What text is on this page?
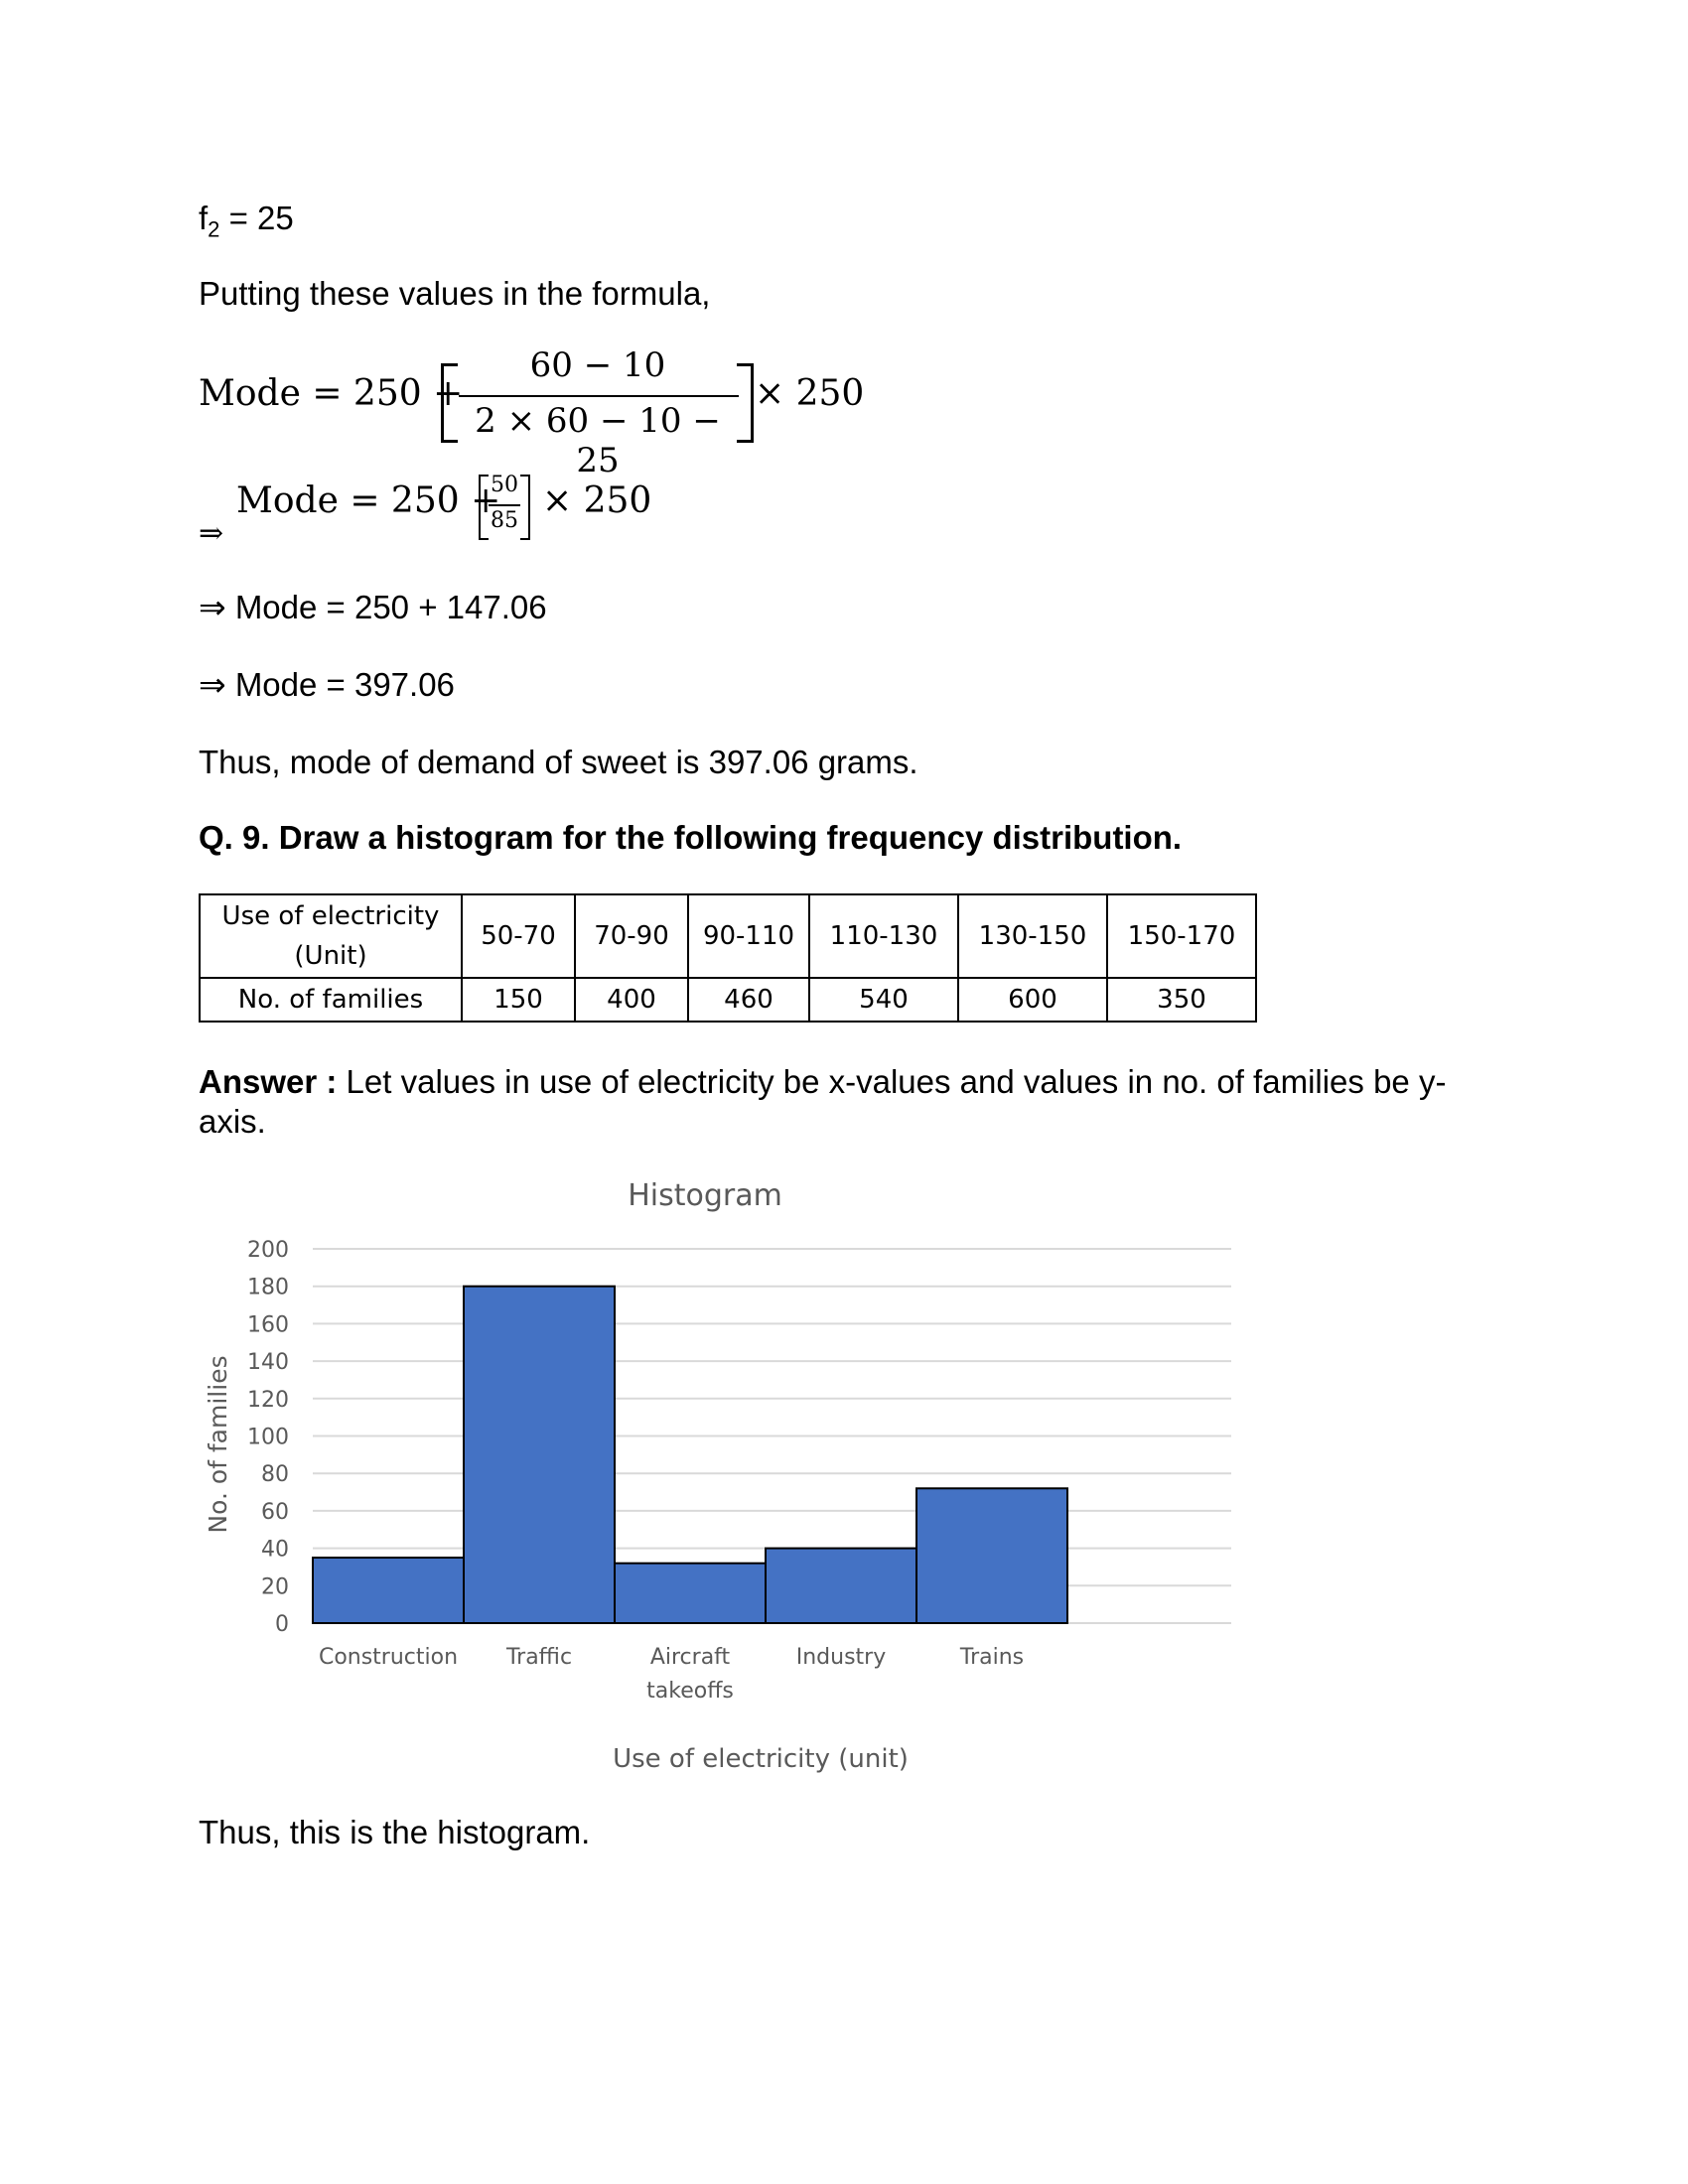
$f_2 = 25$
Putting these values in the formula,
Mode = 250 +
60 − 10
2 × 60 − 10 − 25
× 250
⇒
Mode = 250 +
50
85 × 250
⇒ Mode = 250 + 147.06
⇒ Mode = 397.06
Thus, mode of demand of sweet is 397.06 grams.
Q. 9. Draw a histogram for the following frequency distribution.
Use of electricity (Unit)	50-70	70-90	90-110	110-130	130-150	150-170
No. of families	150	400	460	540	600	350
Answer : Let values in use of electricity be x-values and values in no. of families be y-axis.
Histogram
0
20
40
60
80
100
120
140
160
180
200
Construction Traffic	Aircraft takeoffs
Industry	Trains
No. of families
Use of electricity (unit)
Thus, this is the histogram.
